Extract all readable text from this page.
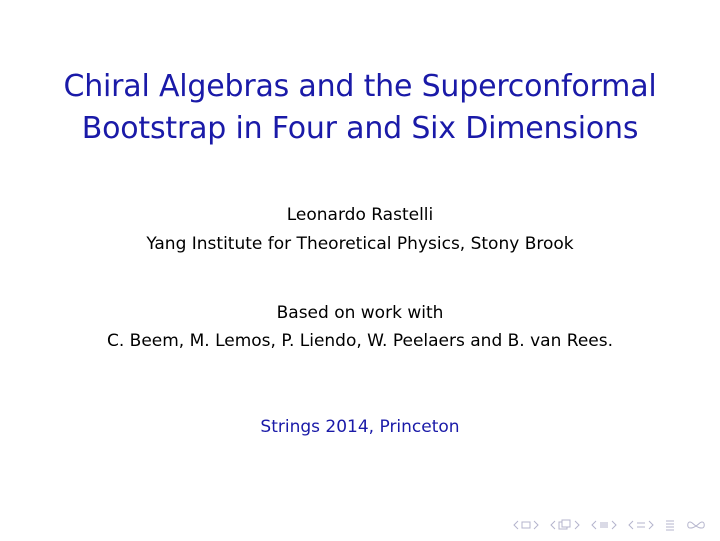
Chiral Algebras and the Superconformal
Bootstrap in Four and Six Dimensions
Leonardo Rastelli
Yang Institute for Theoretical Physics, Stony Brook
Based on work with
C. Beem, M. Lemos, P. Liendo, W. Peelaers and B. van Rees.
Strings 2014, Princeton
